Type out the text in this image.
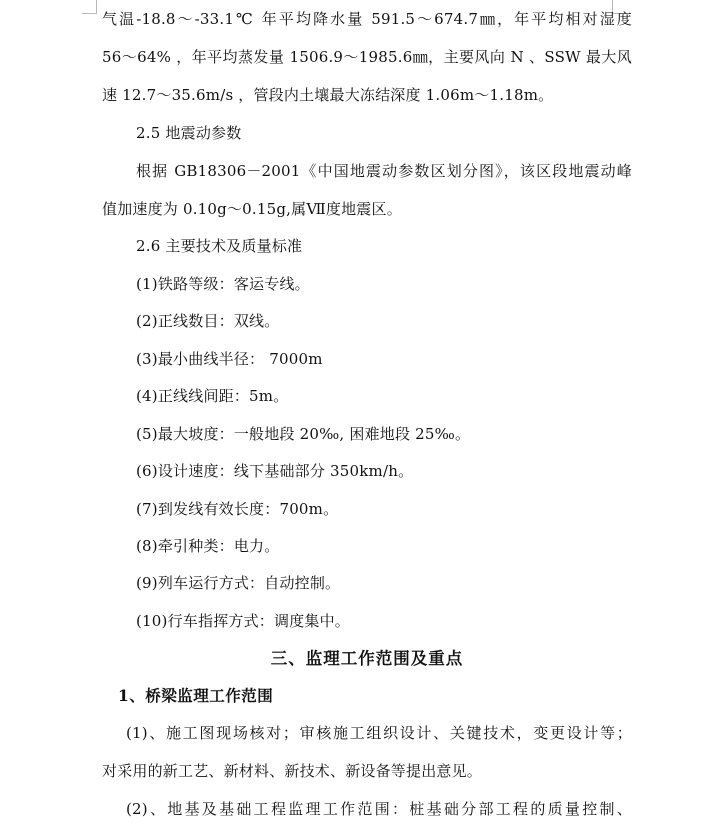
气温-18.8～-33.1℃ 年平均降水量 591.5～674.7㎜，年平均相对湿度
56～64% ，年平均蒸发量 1506.9～1985.6㎜，主要风向 N 、SSW 最大风
速 12.7～35.6m/s ，管段内土壤最大冻结深度 1.06m～1.18m。
2.5 地震动参数
根据 GB18306－2001《中国地震动参数区划分图》，该区段地震动峰
值加速度为 0.10g～0.15g,属Ⅶ度地震区。
2.6 主要技术及质量标准
(1)铁路等级：客运专线。
(2)正线数目：双线。
(3)最小曲线半径： 7000m
(4)正线线间距：5m。
(5)最大坡度：一般地段 20‰, 困难地段 25‰。
(6)设计速度：线下基础部分 350km/h。
(7)到发线有效长度：700m。
(8)牵引种类：电力。
(9)列车运行方式：自动控制。
(10)行车指挥方式：调度集中。
三、监理工作范围及重点
1、桥梁监理工作范围
(1)、施工图现场核对；审核施工组织设计、关键技术，变更设计等；
对采用的新工艺、新材料、新技术、新设备等提出意见。
(2)、地基及基础工程监理工作范围：桩基础分部工程的质量控制、
